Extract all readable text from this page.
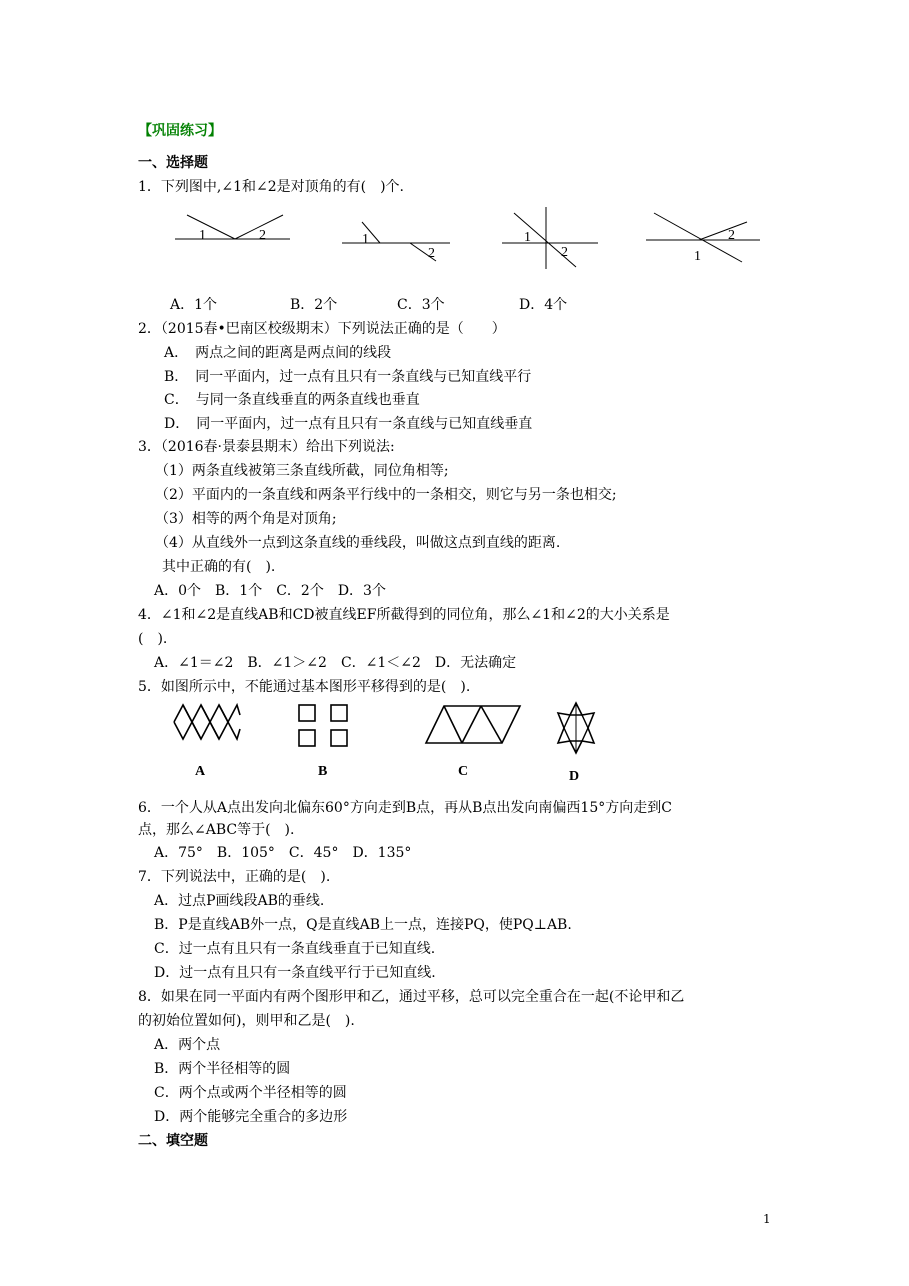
【巩固练习】
一、选择题
1．下列图中,∠1和∠2是对顶角的有(　)个.
1	2	1
2
1
2
2
1
A．1个	B．2个	C．3个	D．4个
2．（2015春•巴南区校级期末）下列说法正确的是（　　）
A．　两点之间的距离是两点间的线段
B．　同一平面内，过一点有且只有一条直线与已知直线平行
C．　与同一条直线垂直的两条直线也垂直
D．　同一平面内，过一点有且只有一条直线与已知直线垂直
3．（2016春·景泰县期末）给出下列说法:
（1）两条直线被第三条直线所截，同位角相等;
（2）平面内的一条直线和两条平行线中的一条相交，则它与另一条也相交;
（3）相等的两个角是对顶角;
（4）从直线外一点到这条直线的垂线段，叫做这点到直线的距离.
其中正确的有(　).
A．0个　B．1个　C．2个　D．3个
4．∠1和∠2是直线AB和CD被直线EF所截得到的同位角，那么∠1和∠2的大小关系是
(　).
A．∠1＝∠2　B．∠1＞∠2　C．∠1＜∠2　D．无法确定
5．如图所示中，不能通过基本图形平移得到的是(　).
A	B	C	D
6．一个人从A点出发向北偏东60°方向走到B点，再从B点出发向南偏西15°方向走到C
点，那么∠ABC等于(　).
A．75°　B．105°　C．45°　D．135°
7．下列说法中，正确的是(　).
A．过点P画线段AB的垂线.
B．P是直线AB外一点，Q是直线AB上一点，连接PQ，使PQ⊥AB.
C．过一点有且只有一条直线垂直于已知直线.
D．过一点有且只有一条直线平行于已知直线.
8．如果在同一平面内有两个图形甲和乙，通过平移，总可以完全重合在一起(不论甲和乙
的初始位置如何)，则甲和乙是(　).
A．两个点
B．两个半径相等的圆
C．两个点或两个半径相等的圆
D．两个能够完全重合的多边形
二、填空题
1
